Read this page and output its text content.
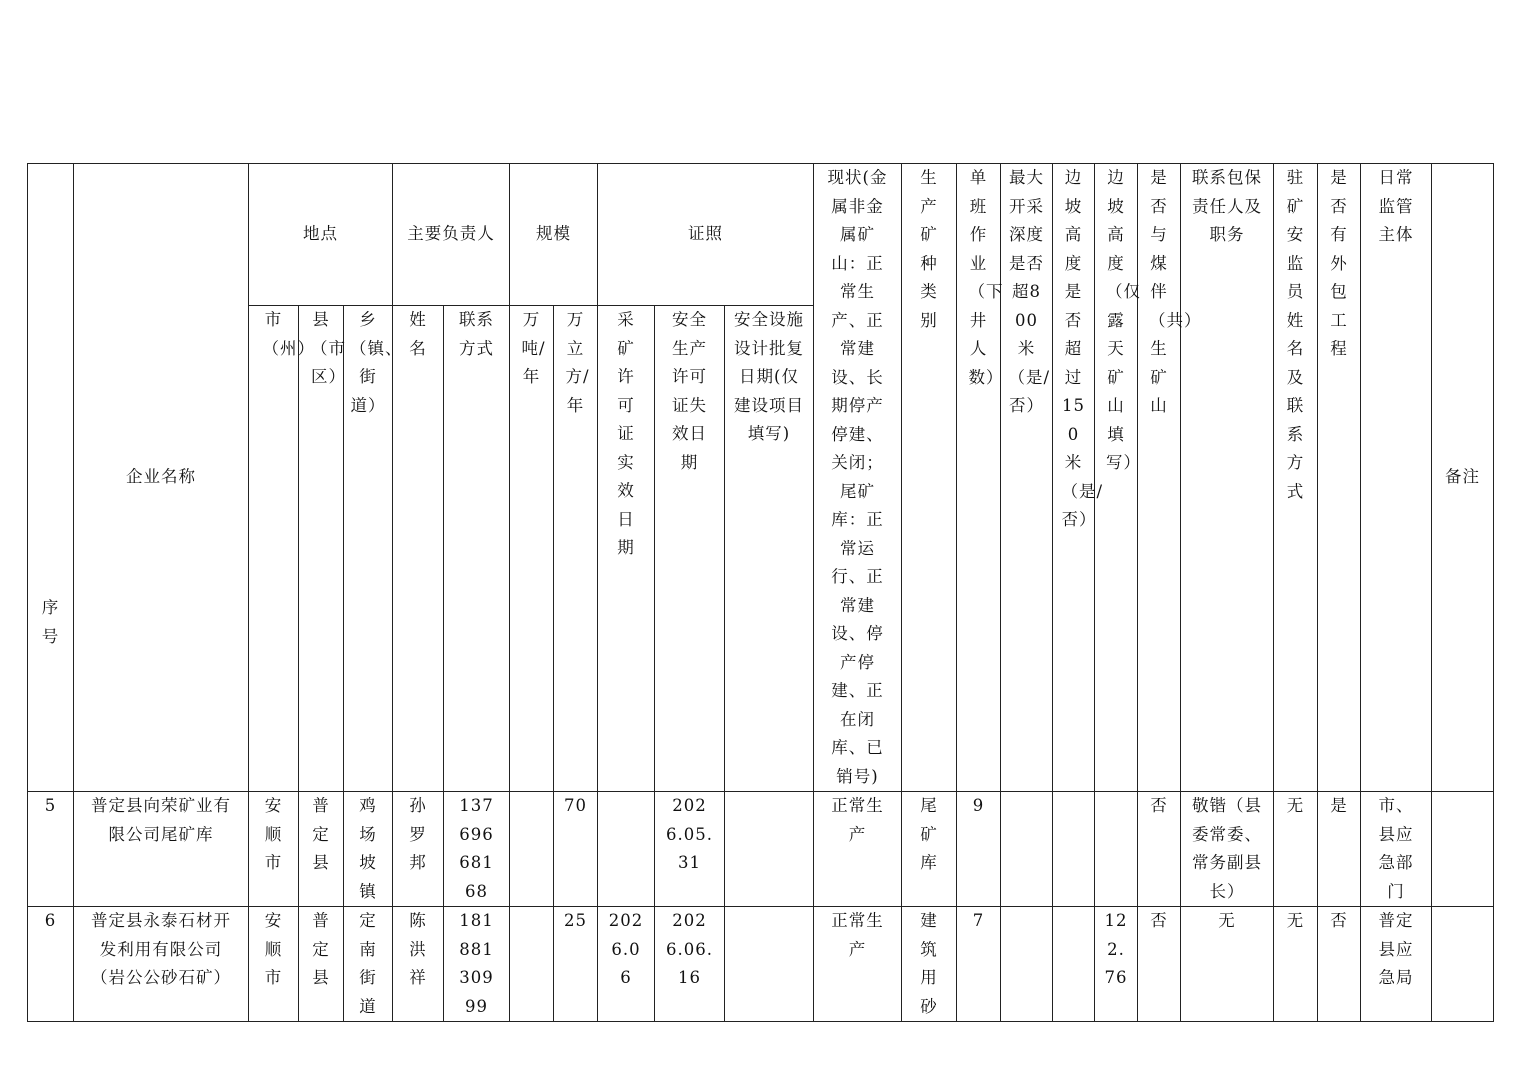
序号	企业名称	地点			主要负责人		规模		证照			现状(金属非金属矿山：正常生产、正常建设、长期停产停建、关闭；尾矿库：正常运行、正常建设、停产停建、正在闭库、已销号)	生产矿种类别	单班作业（下井人数）	最大开采深度是否超800米（是/否）	边坡高度是否超过150米（是/否）	边坡高度（仅露天矿山填写）	是否与煤伴（共）生矿山	联系包保责任人及职务	驻矿安监员姓名及联系方式	是否有外包工程	日常监管主体	备注

		市（州）	县（市区）	乡（镇、街道）	姓名	联系方式	万吨/年	万立方/年	采矿许可证实效日期	安全生产许可证失效日期	安全设施设计批复日期(仅建设项目填写)												

5	普定县向荣矿业有限公司尾矿库	安顺市	普定县	鸡场坡镇	孙罗邦	13769668168		70		2026.05.31		正常生产	尾矿库	9				否	敬锴（县委常委、常务副县长）	无	是	市、县应急部门	

6	普定县永泰石材开发利用有限公司（岩公公砂石矿）	安顺市	普定县	定南街道	陈洪祥	18188130999		25	2026.06	2026.06.16		正常生产	建筑用砂	7			122.76	否	无	无	否	普定县应急局	
